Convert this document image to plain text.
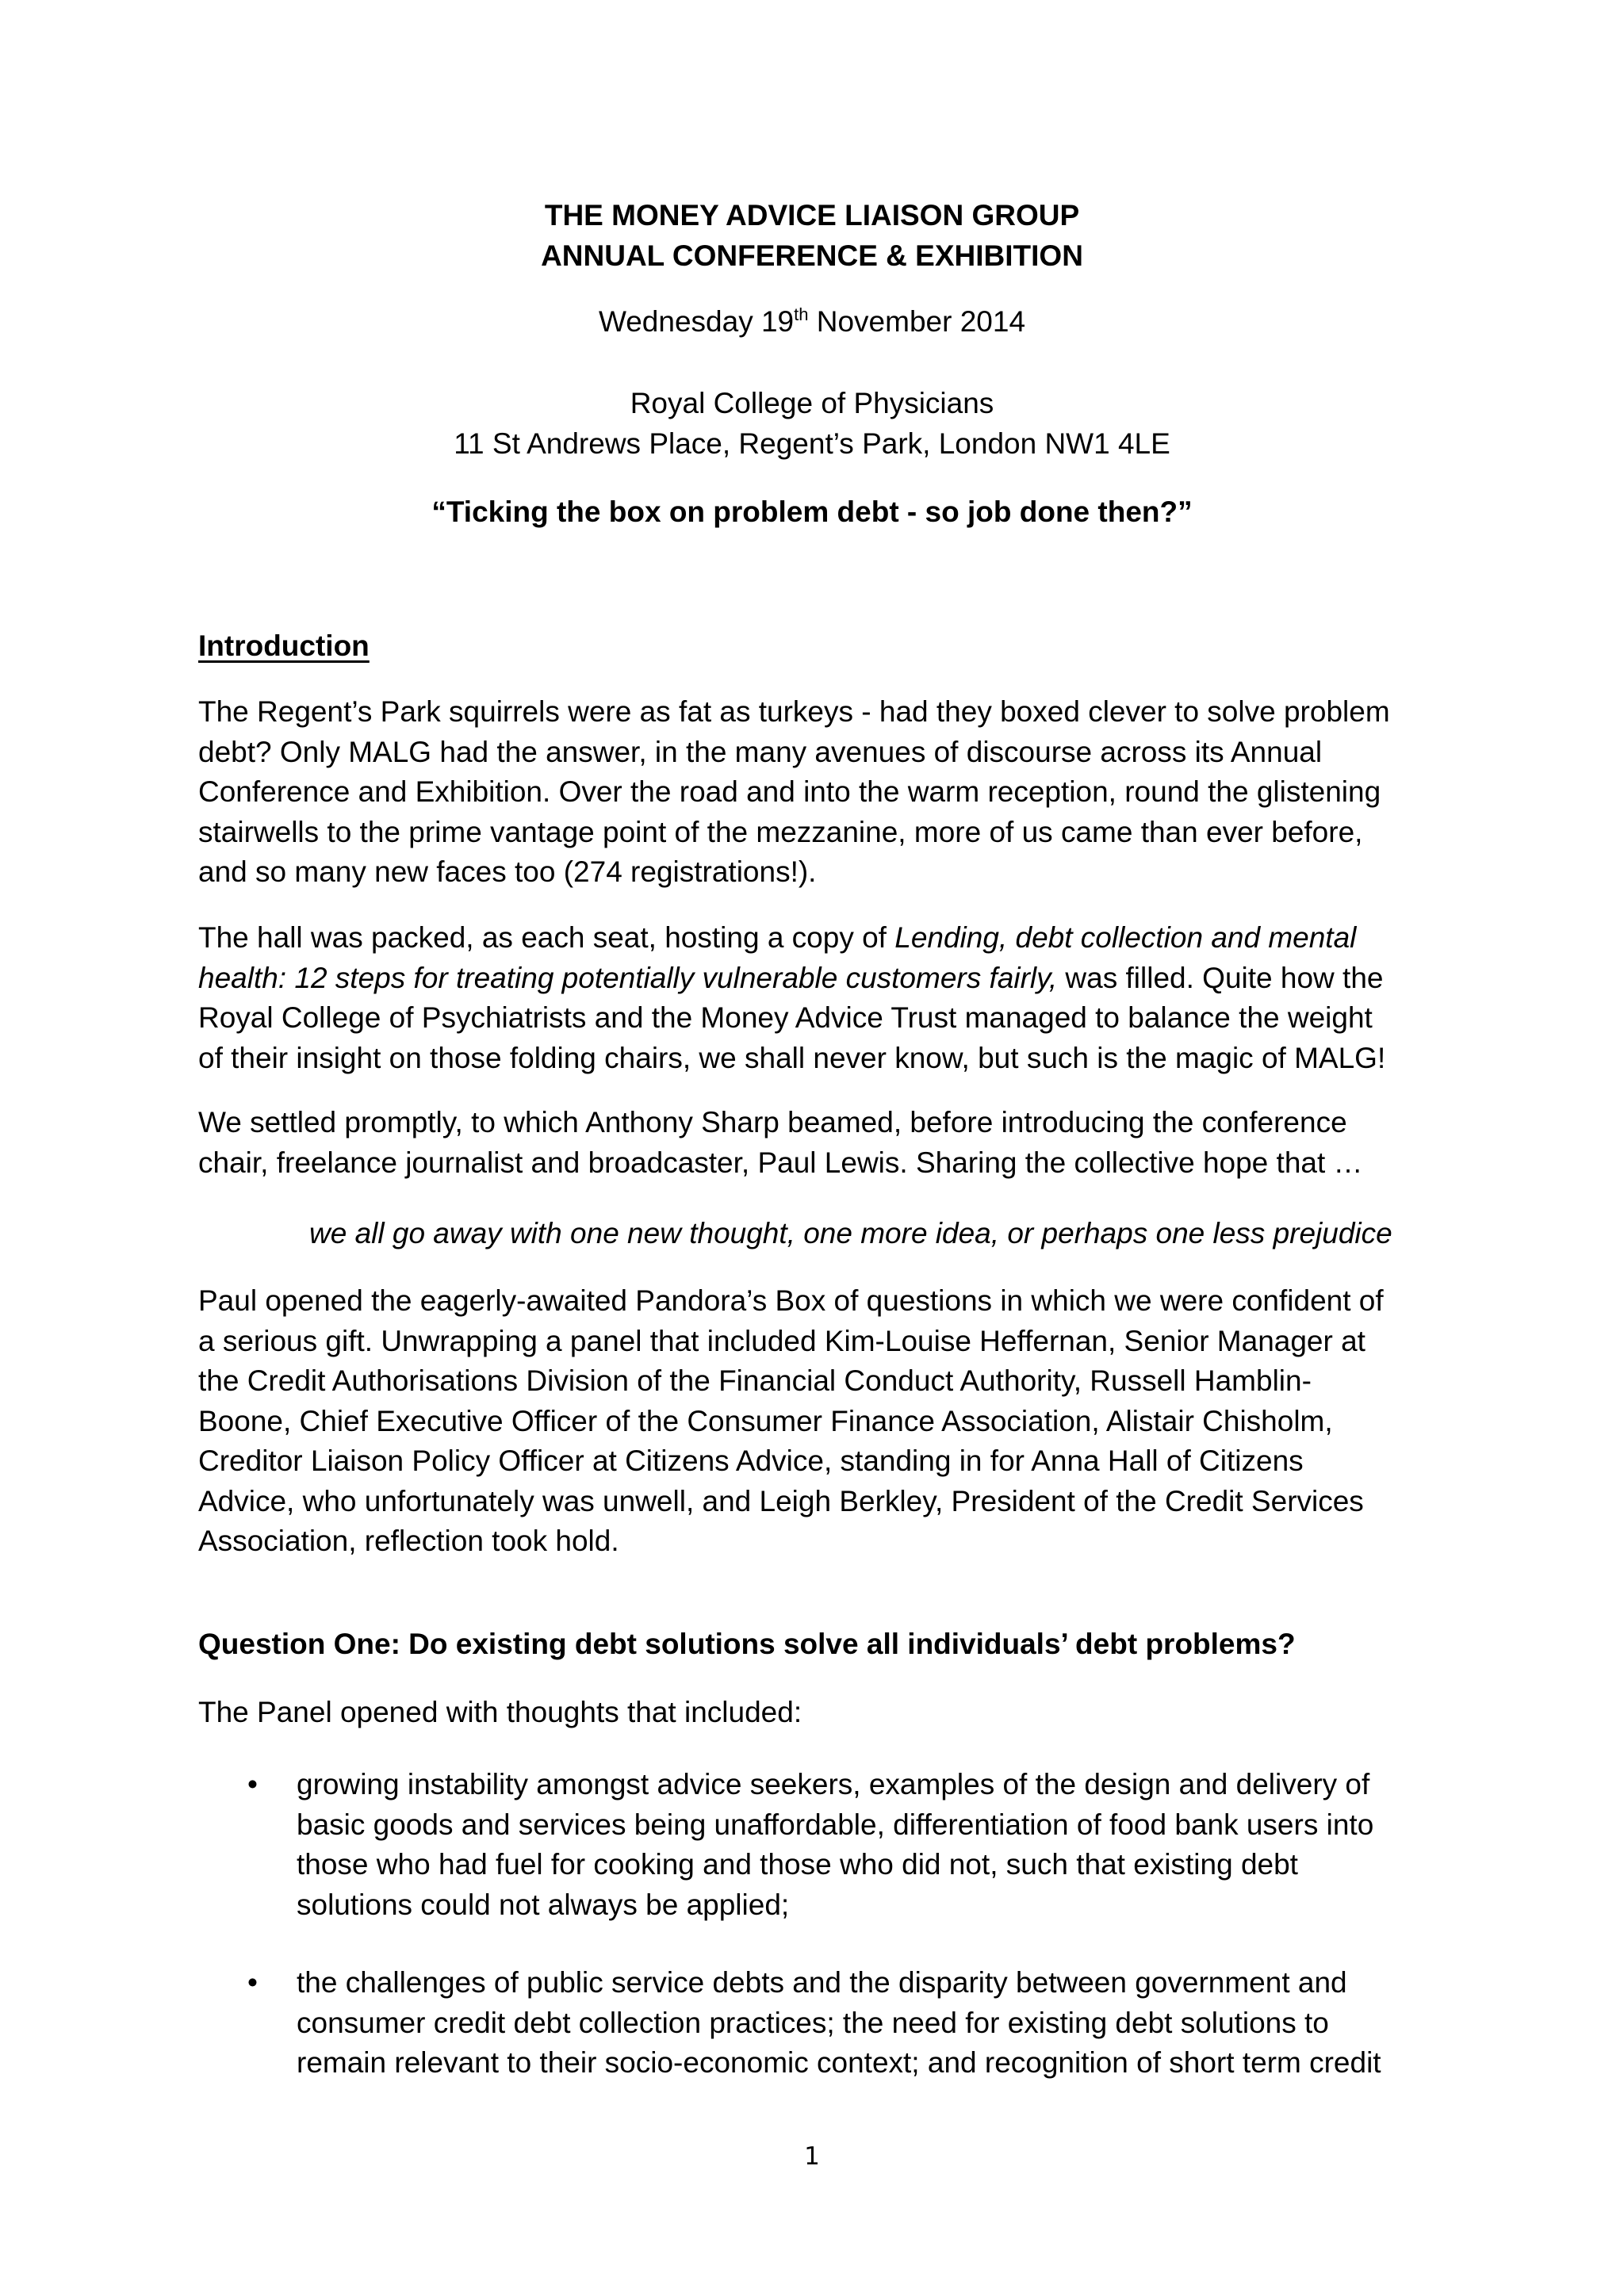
THE MONEY ADVICE LIAISON GROUP
ANNUAL CONFERENCE & EXHIBITION
Wednesday 19th November 2014
Royal College of Physicians
11 St Andrews Place, Regent’s Park, London NW1 4LE
“Ticking the box on problem debt - so job done then?”
Introduction
The Regent’s Park squirrels were as fat as turkeys - had they boxed clever to solve problem
debt? Only MALG had the answer, in the many avenues of discourse across its Annual
Conference and Exhibition. Over the road and into the warm reception, round the glistening
stairwells to the prime vantage point of the mezzanine, more of us came than ever before,
and so many new faces too (274 registrations!).
The hall was packed, as each seat, hosting a copy of Lending, debt collection and mental
health: 12 steps for treating potentially vulnerable customers fairly, was filled. Quite how the
Royal College of Psychiatrists and the Money Advice Trust managed to balance the weight
of their insight on those folding chairs, we shall never know, but such is the magic of MALG!
We settled promptly, to which Anthony Sharp beamed, before introducing the conference
chair, freelance journalist and broadcaster, Paul Lewis. Sharing the collective hope that …
we all go away with one new thought, one more idea, or perhaps one less prejudice
Paul opened the eagerly-awaited Pandora’s Box of questions in which we were confident of
a serious gift. Unwrapping a panel that included Kim-Louise Heffernan, Senior Manager at
the Credit Authorisations Division of the Financial Conduct Authority, Russell Hamblin-
Boone, Chief Executive Officer of the Consumer Finance Association, Alistair Chisholm,
Creditor Liaison Policy Officer at Citizens Advice, standing in for Anna Hall of Citizens
Advice, who unfortunately was unwell, and Leigh Berkley, President of the Credit Services
Association, reflection took hold.
Question One: Do existing debt solutions solve all individuals’ debt problems?
The Panel opened with thoughts that included:
• growing instability amongst advice seekers, examples of the design and delivery of
basic goods and services being unaffordable, differentiation of food bank users into
those who had fuel for cooking and those who did not, such that existing debt
solutions could not always be applied;
• the challenges of public service debts and the disparity between government and
consumer credit debt collection practices; the need for existing debt solutions to
remain relevant to their socio-economic context; and recognition of short term credit
1
